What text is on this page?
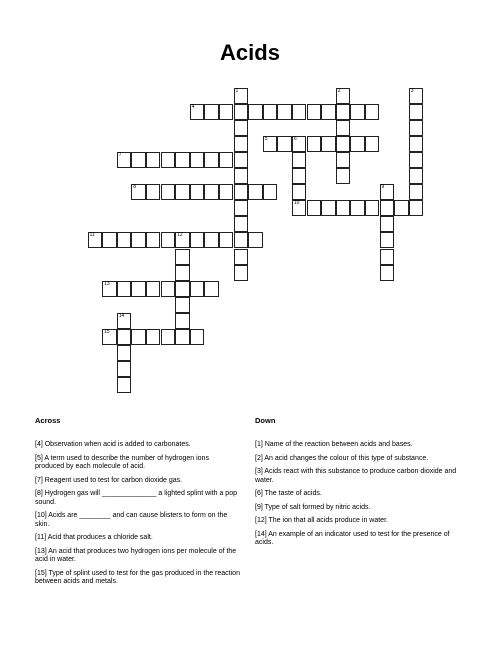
Acids
1	2	3
4
5	6
7
8	9
10
11	12
13
14
15
Across
[4] Observation when acid is added to carbonates.
[5] A term used to describe the number of hydrogen ions produced by each molecule of acid.
[7] Reagent used to test for carbon dioxide gas.
[8] Hydrogen gas will ______________ a lighted splint with a pop sound.
[10] Acids are ________ and can cause blisters to form on the skin.
[11] Acid that produces a chloride salt.
[13] An acid that produces two hydrogen ions per molecule of the acid in water.
[15] Type of splint used to test for the gas produced in the reaction between acids and metals.
Down
[1] Name of the reaction between acids and bases.
[2] An acid changes the colour of this type of substance.
[3] Acids react with this substance to produce carbon dioxide and water.
[6] The taste of acids.
[9] Type of salt formed by nitric acids.
[12] The ion that all acids produce in water.
[14] An example of an indicator used to test for the presence of acids.
